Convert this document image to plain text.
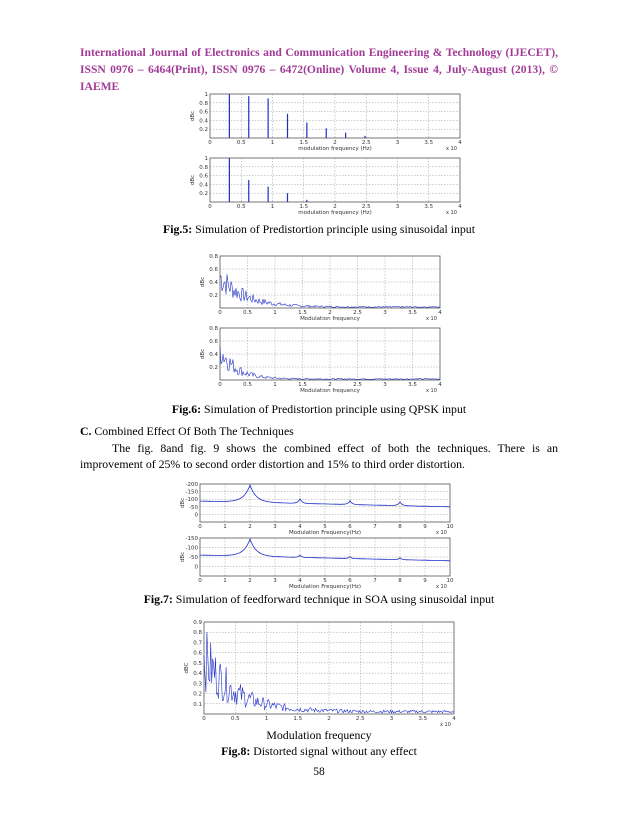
International Journal of Electronics and Communication Engineering & Technology (IJECET), ISSN 0976 – 6464(Print), ISSN 0976 – 6472(Online) Volume 4, Issue 4, July-August (2013), © IAEME
0	0.5	1	1.5	2	2.5	3	3.5	4
0.2
0.4
0.6
0.8
1
dBc
modulation frequency (Hz)	x 10
0	0.5	1	1.5	2	2.5	3	3.5	4
0.2
0.4
0.6
0.8
1
dBc
modulation frequency (Hz)	x 10
Fig.5: Simulation of Predistortion principle using sinusoidal input
0	0.5	1	1.5	2	2.5	3	3.5	4
0.2
0.4
0.6
0.8
dBc
Modulation frequency	x 10
0	0.5	1	1.5	2	2.5	3	3.5	4
0.2
0.4
0.6
0.8
dBc
Modulation frequency	x 10
Fig.6: Simulation of Predistortion principle using QPSK input
C. Combined Effect Of Both The Techniques
The fig. 8and fig. 9 shows the combined effect of both the techniques. There is an improvement of 25% to second order distortion and 15% to third order distortion.
0	1	2	3	4	5	6	7	8	9	10
0
-50
-100
-150
-200
dBc
Modulation Frequency(Hz)	x 10
0	1	2	3	4	5	6	7	8	9	10
0
-50
-100
-150
dBc
Modulation Frequency(Hz)	x 10
Fig.7: Simulation of feedforward technique in SOA using sinusoidal input
0	0.5	1	1.5	2	2.5	3	3.5	4
0.1
0.2
0.3
0.4
0.5
0.6
0.7
0.8
0.9
dBC
x 10
Modulation frequency
Fig.8: Distorted signal without any effect
58
